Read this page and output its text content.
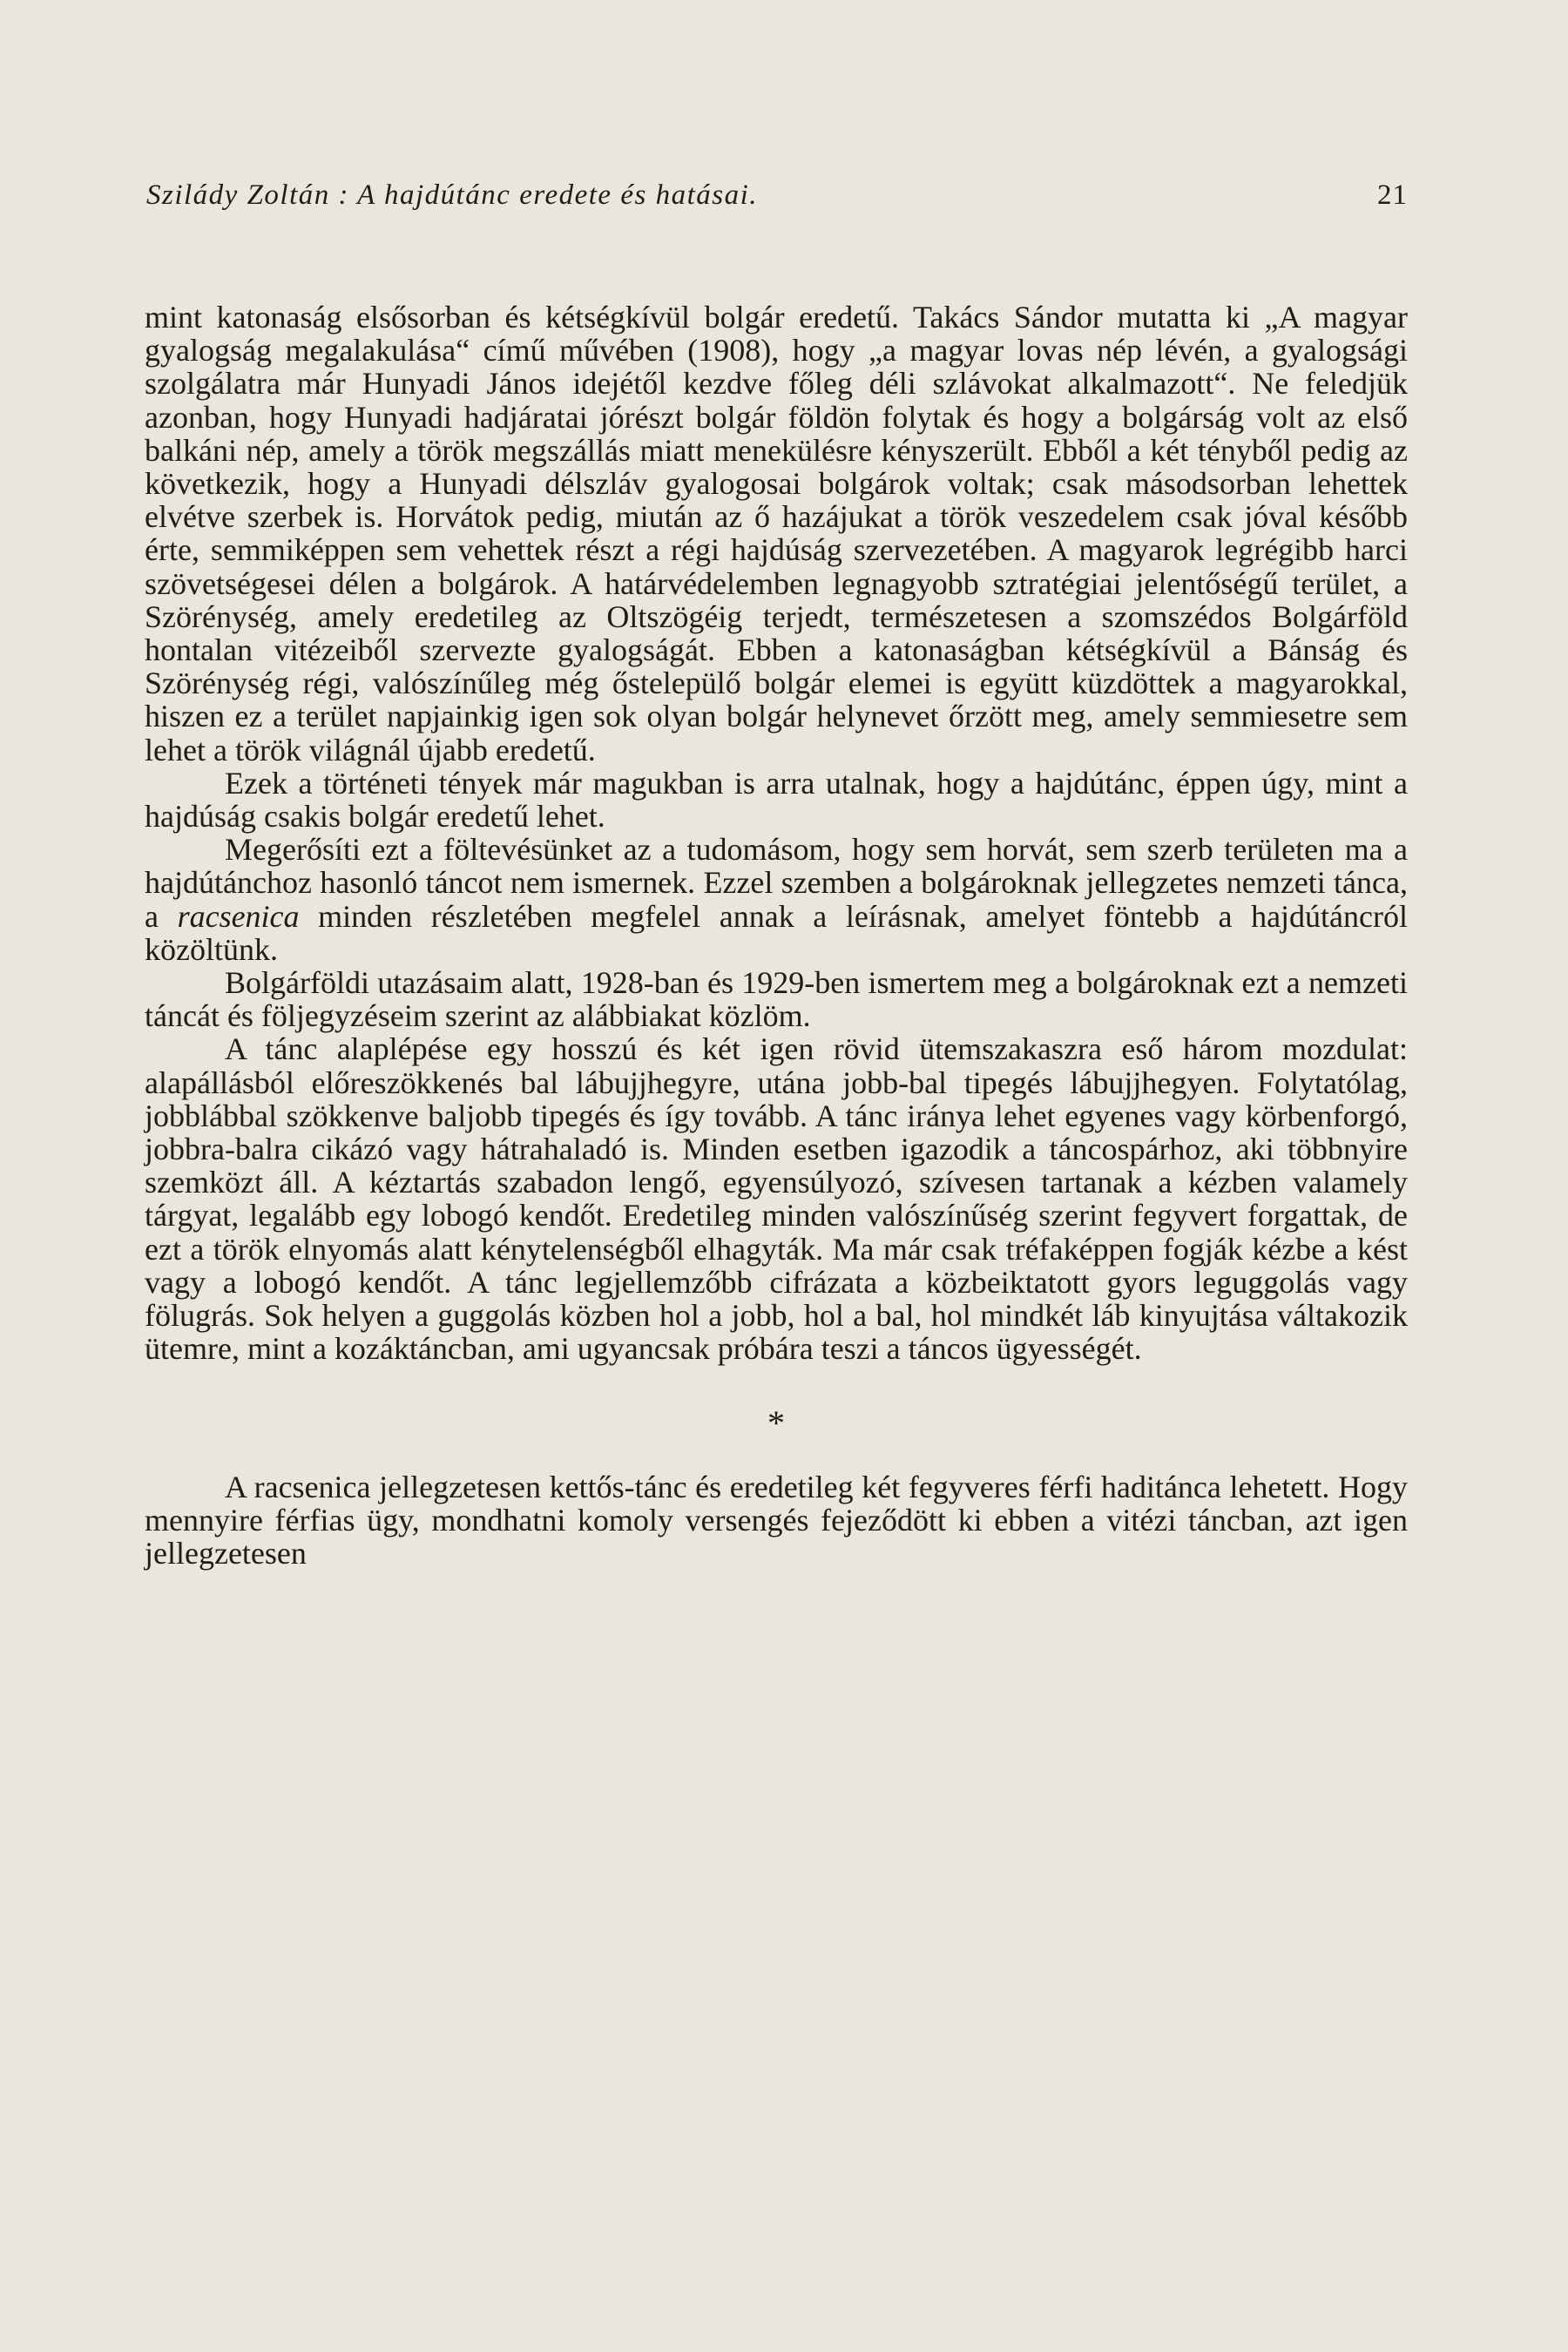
Sziládу Zoltán : A hajdútánc eredete és hatásai.	21

mint katonaság elsősorban és kétségkívül bolgár eredetű. Takács Sándor mutatta ki „A magyar gyalogság megalakulása“ című művében (1908), hogy „a magyar lovas nép lévén, a gyalogsági szolgálatra már Hunyadi János idejétől kezdve főleg déli szlávokat alkalmazott“. Ne feledjük azonban, hogy Hunyadi hadjáratai jórészt bolgár földön folytak és hogy a bolgárság volt az első balkáni nép, amely a török megszállás miatt menekülésre kényszerült. Ebből a két tényből pedig az következik, hogy a Hunyadi délszláv gyalogosai bolgárok voltak; csak másodsorban lehettek elvétve szerbek is. Horvátok pedig, miután az ő hazájukat a török veszedelem csak jóval később érte, semmiképpen sem vehettek részt a régi hajdúság szervezetében. A magyarok legrégibb harci szövetségesei délen a bolgárok. A határvédelemben legnagyobb sztratégiai jelentőségű terület, a Szörénység, amely eredetileg az Oltszögéig terjedt, természetesen a szomszédos Bolgárföld hontalan vitézeiből szervezte gyalogságát. Ebben a katonaságban kétségkívül a Bánság és Szörénység régi, valószínűleg még őstelepülő bolgár elemei is együtt küzdöttek a magyarokkal, hiszen ez a terület napjainkig igen sok olyan bolgár helynevet őrzött meg, amely semmiesetre sem lehet a török világnál újabb eredetű.

Ezek a történeti tények már magukban is arra utalnak, hogy a hajdútánc, éppen úgy, mint a hajdúság csakis bolgár eredetű lehet.

Megerősíti ezt a föltevésünket az a tudomásom, hogy sem horvát, sem szerb területen ma a hajdútánchoz hasonló táncot nem ismernek. Ezzel szemben a bolgároknak jellegzetes nemzeti tánca, a racsenica minden részletében megfelel annak a leírásnak, amelyet föntebb a hajdútáncról közöltünk.

Bolgárföldi utazásaim alatt, 1928-ban és 1929-ben ismertem meg a bolgároknak ezt a nemzeti táncát és följegyzéseim szerint az alábbiakat közlöm.

A tánc alaplépése egy hosszú és két igen rövid ütemszakaszra eső három mozdulat: alapállásból előreszökkenés bal lábujjhegyre, utána jobb-bal tipegés lábujjhegyen. Folytatólag, jobblábbal szökkenve baljobb tipegés és így tovább. A tánc iránya lehet egyenes vagy körbenforgó, jobbra-balra cikázó vagy hátrahaladó is. Minden esetben igazodik a táncospárhoz, aki többnyire szemközt áll. A kéztartás szabadon lengő, egyensúlyozó, szívesen tartanak a kézben valamely tárgyat, legalább egy lobogó kendőt. Eredetileg minden valószínűség szerint fegyvert forgattak, de ezt a török elnyomás alatt kénytelenségből elhagyták. Ma már csak tréfaképpen fogják kézbe a kést vagy a lobogó kendőt. A tánc legjellemzőbb cifrázata a közbeiktatott gyors leguggolás vagy fölugrás. Sok helyen a guggolás közben hol a jobb, hol a bal, hol mindkét láb kinyujtása váltakozik ütemre, mint a kozáktáncban, ami ugyancsak próbára teszi a táncos ügyességét.

*

A racsenica jellegzetesen kettős-tánc és eredetileg két fegyveres férfi haditánca lehetett. Hogy mennyire férfias ügy, mondhatni komoly versengés fejeződött ki ebben a vitézi táncban, azt igen jellegzetesen
